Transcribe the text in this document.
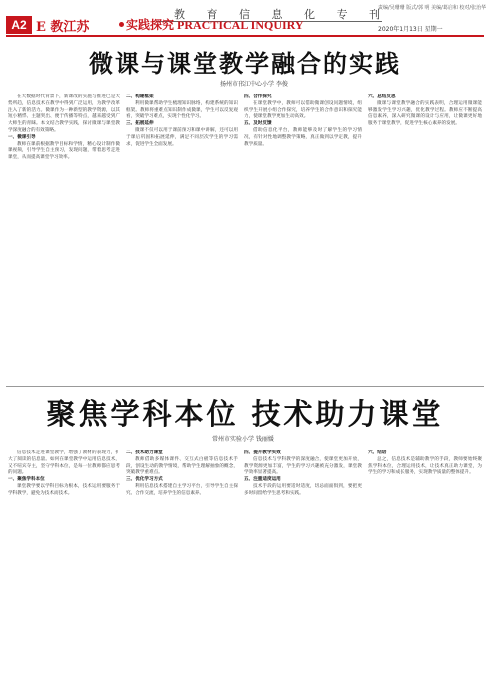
教 育 信 息 化 专 刊
A2 E 教江苏	实践探究 PRACTICAL INQUIRY
责编/吴珊珊 版式/郭 明 美编/葛启和 校对/张治华
2020年1月13日 星期一
微课与课堂教学融合的实践
扬州市邗江中心小学 李俊

在大数据时代背景下，新课改的实施与推进已是大势所趋，信息技术在教学中得到广泛运用，为教学改革注入了新的活力。微课作为一种新型的教学资源，以其短小精悍、主题突出、便于传播等特点，越来越受到广大师生的青睐。本文结合教学实践，探讨微课与课堂教学深度融合的有效策略。

一、微课引导

教师在课前根据教学目标和学情，精心设计制作微课视频，引导学生自主预习，发现问题，带着思考走进课堂，从而提高课堂学习效率。

二、构建框架

利用微课帮助学生梳理知识脉络，构建系统的知识框架。教师将重难点知识制作成微课，学生可以反复观看，突破学习难点，实现个性化学习。

三、拓展延伸

微课不仅可以用于课前预习和课中讲解，还可以用于课后巩固和拓展延伸，满足不同层次学生的学习需求，促进学生全面发展。

四、合作探究

在课堂教学中，教师可以借助微课创设问题情境，组织学生开展小组合作探究，培养学生的合作意识和探究能力，使课堂教学更加生动高效。

五、及时反馈

借助信息化平台，教师能够及时了解学生的学习情况，有针对性地调整教学策略，真正做到以学定教，提升教学质量。

六、总结反思

微课与课堂教学融合的实践表明，合理运用微课能够激发学生学习兴趣，优化教学过程。教师应不断提高信息素养，深入研究微课的设计与应用，让微课更好地服务于课堂教学，促进学生核心素养的发展。

聚焦学科本位 技术助力课堂
常州市实验小学 钱丽媛

信息技术走进课堂教学，增强了教材的表现力，扩大了阅读的信息量。如何在课堂教学中运用信息技术，又不喧宾夺主，坚守学科本位，是每一位教师都应思考的问题。

一、聚焦学科本位

课堂教学要以学科目标为根本，技术运用要服务于学科教学，避免为技术而技术。

二、技术助力课堂

教师借助多媒体课件、交互式白板等信息技术手段，创设生动的教学情境，帮助学生理解抽象的概念，突破教学重难点。

三、优化学习方式

利用信息技术搭建自主学习平台，引导学生自主探究、合作交流，培养学生的信息素养。

四、提升教学实效

信息技术与学科教学的深度融合，使课堂更加开放，教学资源更加丰富，学生的学习兴趣被充分激发，课堂教学效率显著提高。

五、注重适度运用

技术手段的运用要适时适度，切忌面面俱到，要把更多时间留给学生思考和实践。

六、结语

总之，信息技术是辅助教学的手段，教师要始终聚焦学科本位，合理运用技术，让技术真正助力课堂，为学生的学习和成长服务，实现教学质量的整体提升。
